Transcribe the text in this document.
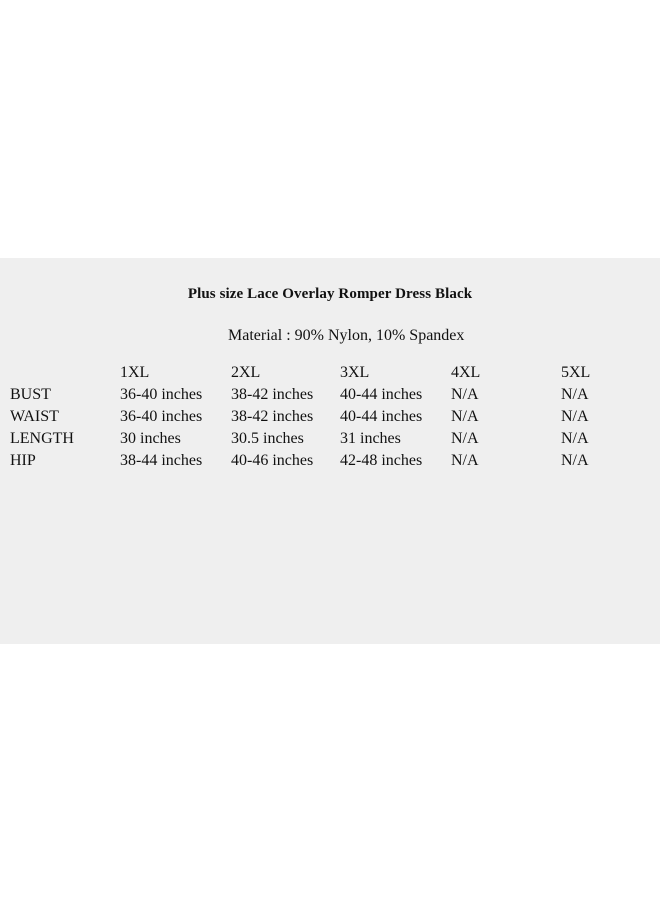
Plus size Lace Overlay Romper Dress Black
Material : 90% Nylon, 10% Spandex
1XL	2XL	3XL	4XL	5XL
BUST	36-40 inches 38-42 inches 40-44 inches N/A	N/A
WAIST	36-40 inches 38-42 inches 40-44 inches N/A	N/A
LENGTH	30 inches	30.5 inches 31 inches	N/A	N/A
HIP	38-44 inches 40-46 inches 42-48 inches N/A	N/A
